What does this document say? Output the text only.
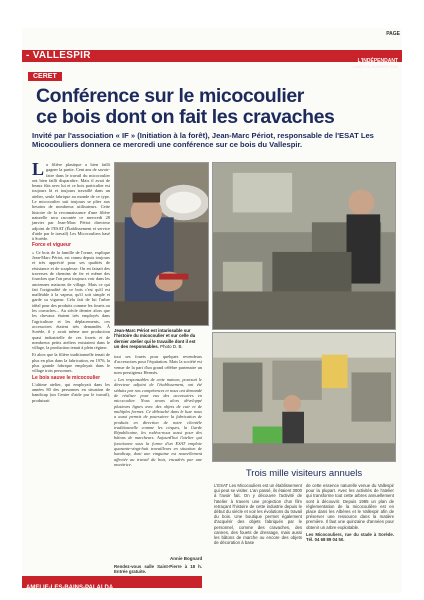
PAGE
- VALLESPIR	L'INDÉPENDANT
LUNDI 26 JANVIER 2015
CERET
Conférence sur le micocoulier
ce bois dont on fait les cravaches
Invité par l'association « IF » (Initiation à la forêt), Jean-Marc Périot, responsable de l'ESAT Les Micocouliers donnera ce mercredi une conférence sur ce bois du Vallespir.

La filière plastique a bien failli gagner la partie. Cent ans de savoir-faire dans le travail du micocoulier ont bien failli disparaître. Mais il avait de beaux fûts avec lui et ce bois particulier est toujours là et toujours travaillé dans un atelier, seule fabrique au monde de ce type. Le micocoulier sait toujours se plier aux besoins de nombreux utilisateurs. Cette histoire de la reconnaissance d'une filière naturelle sera racontée ce mercredi 28 janvier par Jean-Marc Périot directeur adjoint de l'ESAT (Établissement et service d'aide par le travail) Les Micocouliers basé à Sorède.

Force et vigueur

« Ce bois de la famille de l'orme, explique Jean-Marc Périot, est connu depuis toujours et très apprécié pour ses qualités de résistance et de souplesse. On en faisait des traverses de chemins de fer et même des fourches que l'on peut toujours voir dans les anciennes maisons de village. Mais ce qui fait l'originalité de ce bois c'est qu'il est malléable à la vapeur, qu'il soit simple et garde sa vigueur. Cela fait de lui l'arbre idéal pour des produits comme les fouets ou les cravaches... Au siècle dernier alors que les chevaux étaient très employés dans l'agriculture et les déplacements, ces accessoires étaient très demandés. À Sorède, il y avait même une production quasi industrielle de ces fouets et de nombreux petits ateliers existaient dans le village, la production tenait à plein régime.

Et alors que la filière traditionnelle tenait de plus en plus dans la fabrication, en 1976, la plus grande fabrique employait dans le village trois personnes.

Le bois sauve le micocoulier

L'ultime atelier, qui employait dans les années 80 des personnes en situation de handicap (un Centre d'aide par le travail), produisait

Jean-Marc Périot est intarissable sur l'histoire du micocoulier et sur celle du dernier atelier qui le travaille dont il est un des responsables. Photo D. B.

tout ses fouets pour quelques revendeurs d'accessoires pour l'équitation. Mais la société est venue de la part d'un grand célèbre partenaire un nom prestigieux Hermès.

« Les responsables de cette maison, poursuit le directeur adjoint de l'établissement, ont été séduits par nos compétences et nous ont demandé de réaliser pour eux des accessoires en micocoulier. Nous avons alors développé plusieurs lignes avec des objets de cuir et de multiples formes. Ce débouché dans le luxe nous a aussi permis de poursuivre la fabrication de produits en direction de notre clientèle traditionnelle comme les cirques, la Garde Républicaine, les rodéos-nous aussi pour des bâtons de marcheurs. Aujourd'hui l'atelier qui fonctionne sous la forme d'un ESAT emploie quarante-vingt-huit travailleurs en situation de handicap, dont une vingtaine est nouvellement affectée au travail du bois, encadrés par une monitrice.

Annie Bognard
Rendez-vous salle Saint-Pierre à 18 h. Entrée gratuite.
Trois mille visiteurs annuels

L'ESAT Les Micocouliers est un établissement qui peut se visiter. L'an passé, ils étaient 3000 à l'avoir fait. On y découvre l'activité de l'atelier à travers une projection d'un film retraçant l'histoire de cette industrie depuis le début du siècle et voir les évolutions du travail du bois. Une boutique permet également d'acquérir des objets fabriqués par le personnel, comme des cravaches, des cannes, des fouets de dressage, mais aussi les bâtons de marche ou encore des objets de décoration à base

de cette essence naturelle venue du Vallespir pour la plupart. Avec les activités de l'atelier qui transforme tout cette arbres annuellement sont à découvrir. Depuis 1985 un plan de réglementation de la micocoulière est en place dans les Albères et le Vallespir afin de préserver une ressource dans la matière première. Il faut une quinzaine d'années pour obtenir un arbre exploitable.

Les Micocouliers, rue du stade à Sorède. Tél. 04 68 89 04 50.

AMELIE-LES-BAINS-PALALDA
